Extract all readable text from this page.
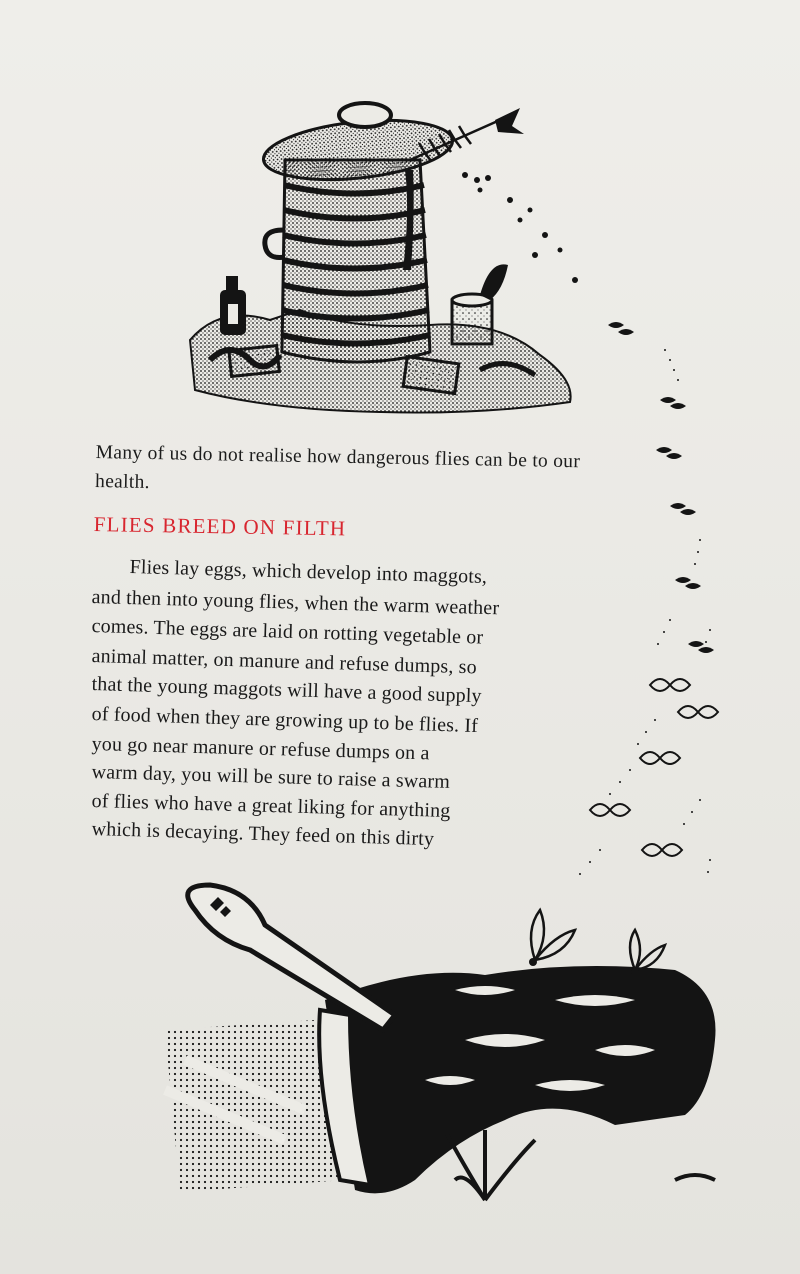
Many of us do not realise how dangerous flies can be to our health.
FLIES BREED ON FILTH
Flies lay eggs, which develop into maggots,
and then into young flies, when the warm weather
comes. The eggs are laid on rotting vegetable or
animal matter, on manure and refuse dumps, so
that the young maggots will have a good supply
of food when they are growing up to be flies. If
you go near manure or refuse dumps on a
warm day, you will be sure to raise a swarm
of flies who have a great liking for anything
which is decaying. They feed on this dirty
